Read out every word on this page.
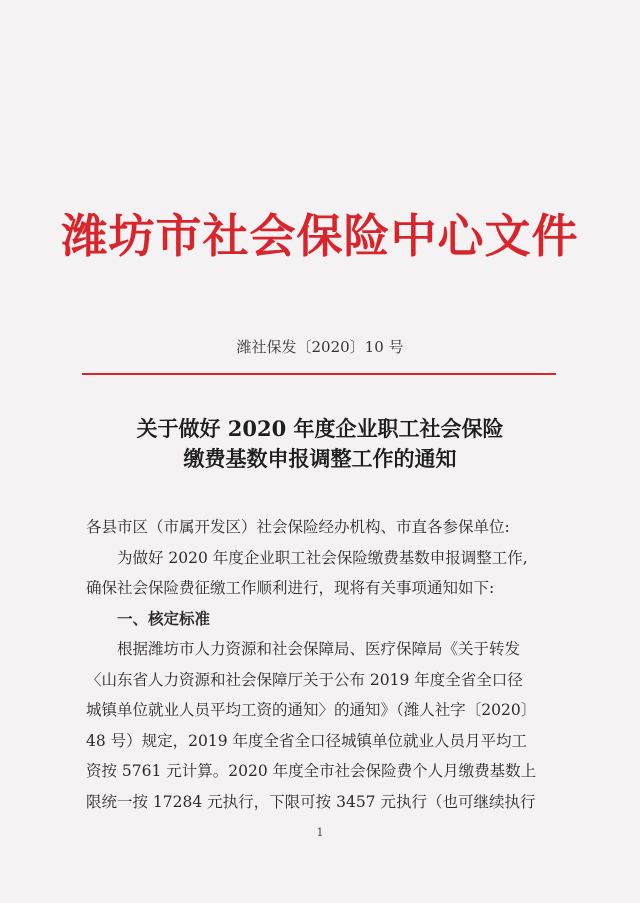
潍坊市社会保险中心文件
潍社保发〔2020〕10 号
关于做好 2020 年度企业职工社会保险
缴费基数申报调整工作的通知

各县市区（市属开发区）社会保险经办机构、市直各参保单位:

为做好 2020 年度企业职工社会保险缴费基数申报调整工作,

确保社会保险费征缴工作顺利进行，现将有关事项通知如下:

一、核定标准

根据潍坊市人力资源和社会保障局、医疗保障局《关于转发

〈山东省人力资源和社会保障厅关于公布 2019 年度全省全口径

城镇单位就业人员平均工资的通知〉的通知》（潍人社字〔2020〕

48 号）规定，2019 年度全省全口径城镇单位就业人员月平均工

资按 5761 元计算。2020 年度全市社会保险费个人月缴费基数上

限统一按 17284 元执行，下限可按 3457 元执行（也可继续执行

1
